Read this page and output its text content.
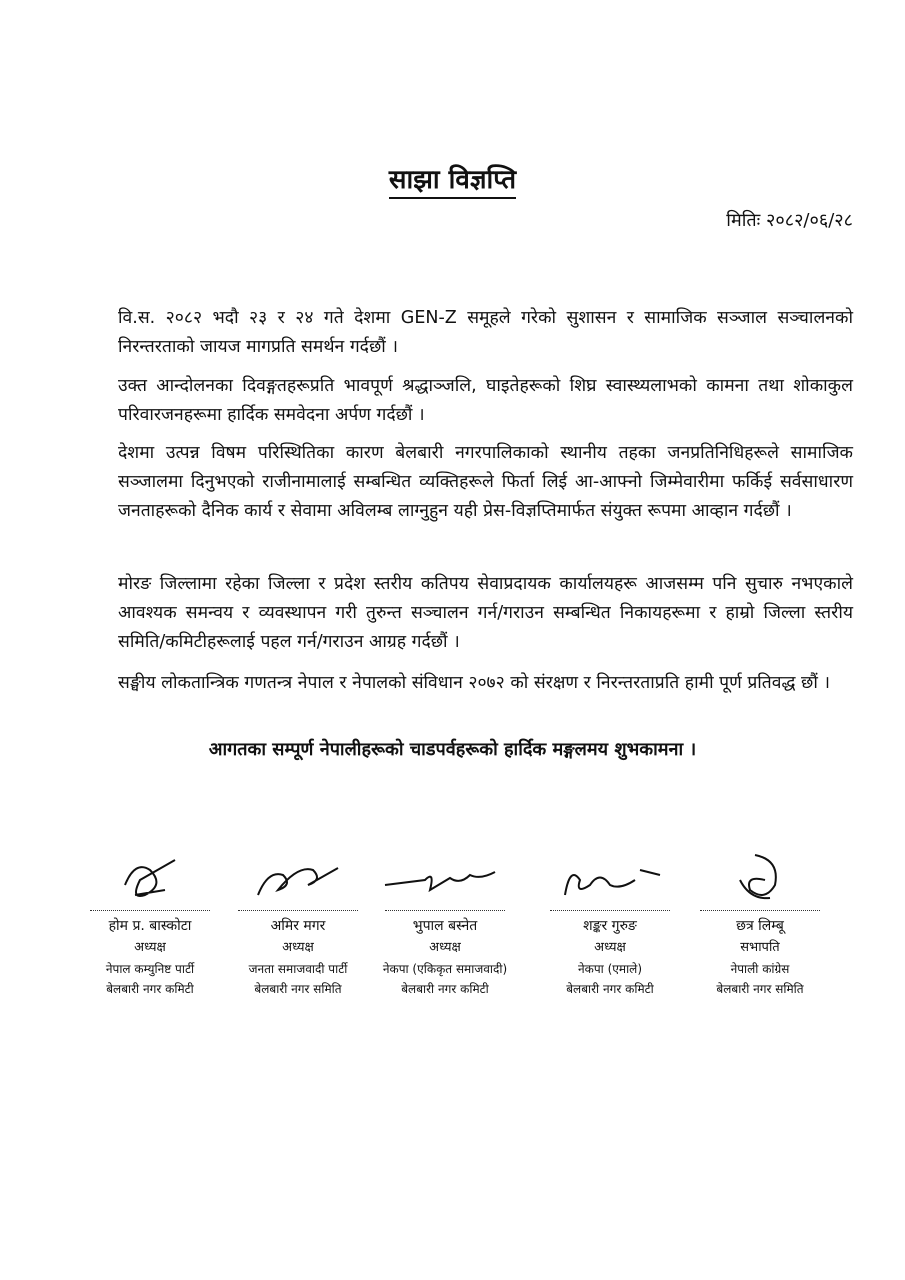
साझा विज्ञप्ति
मितिः २०८२/०६/२८
वि.स. २०८२ भदौ २३ र २४ गते देशमा GEN-Z समूहले गरेको सुशासन र सामाजिक सञ्जाल सञ्चालनको निरन्तरताको जायज मागप्रति समर्थन गर्दछौं ।
उक्त आन्दोलनका दिवङ्गतहरूप्रति भावपूर्ण श्रद्धाञ्जलि, घाइतेहरूको शिघ्र स्वास्थ्यलाभको कामना तथा शोकाकुल परिवारजनहरूमा हार्दिक समवेदना अर्पण गर्दछौं ।
देशमा उत्पन्न विषम परिस्थितिका कारण बेलबारी नगरपालिकाको स्थानीय तहका जनप्रतिनिधिहरूले सामाजिक सञ्जालमा दिनुभएको राजीनामालाई सम्बन्धित व्यक्तिहरूले फिर्ता लिई आ-आफ्नो जिम्मेवारीमा फर्किई सर्वसाधारण जनताहरूको दैनिक कार्य र सेवामा अविलम्ब लाग्नुहुन यही प्रेस-विज्ञप्तिमार्फत संयुक्त रूपमा आव्हान गर्दछौं ।
मोरङ जिल्लामा रहेका जिल्ला र प्रदेश स्तरीय कतिपय सेवाप्रदायक कार्यालयहरू आजसम्म पनि सुचारु नभएकाले आवश्यक समन्वय र व्यवस्थापन गरी तुरुन्त सञ्चालन गर्न/गराउन सम्बन्धित निकायहरूमा र हाम्रो जिल्ला स्तरीय समिति/कमिटीहरूलाई पहल गर्न/गराउन आग्रह गर्दछौं ।
सङ्घीय लोकतान्त्रिक गणतन्त्र नेपाल र नेपालको संविधान २०७२ को संरक्षण र निरन्तरताप्रति हामी पूर्ण प्रतिवद्ध छौं ।
आगतका सम्पूर्ण नेपालीहरूको चाडपर्वहरूको हार्दिक मङ्गलमय शुभकामना ।
होम प्र. बास्कोटा
अध्यक्ष
नेपाल कम्युनिष्ट पार्टी
बेलबारी नगर कमिटी
अमिर मगर
अध्यक्ष
जनता समाजवादी पार्टी
बेलबारी नगर समिति
भुपाल बस्नेत
अध्यक्ष
नेकपा (एकिकृत समाजवादी)
बेलबारी नगर कमिटी
शङ्कर गुरुङ
अध्यक्ष
नेकपा (एमाले)
बेलबारी नगर कमिटी
छत्र लिम्बू
सभापति
नेपाली कांग्रेस
बेलबारी नगर समिति
